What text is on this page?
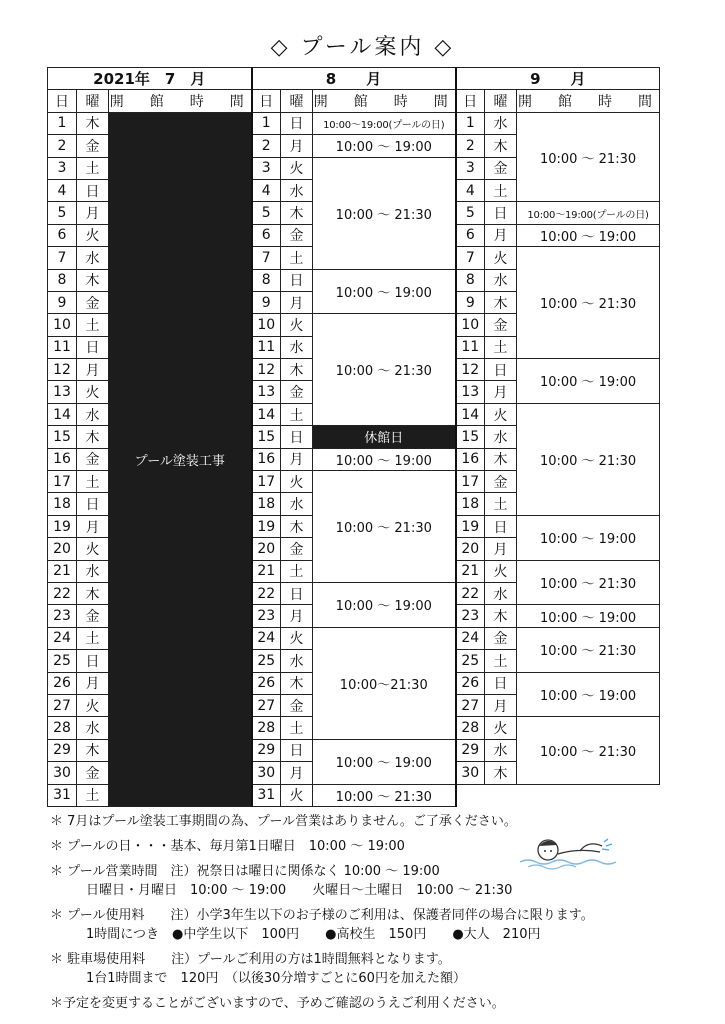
◇ プール案内 ◇
2021年　7　月			8　　月			9　　月		
日	曜	開　館　時　間	日	曜	開　館　時　間	日	曜	開　館　時　間
1	木	プール塗装工事	1	日	10:00～19:00(プールの日)	1	水	10:00 ～ 21:30
2	金		2	月	10:00 ～ 19:00	2	木	
3	土		3	火	10:00 ～ 21:30	3	金	
4	日		4	水		4	土	
5	月		5	木		5	日	10:00～19:00(プールの日)
6	火		6	金		6	月	10:00 ～ 19:00
7	水		7	土		7	火	10:00 ～ 21:30
8	木		8	日	10:00 ～ 19:00	8	水	
9	金		9	月		9	木	
10	土		10	火	10:00 ～ 21:30	10	金	
11	日		11	水		11	土	
12	月		12	木		12	日	10:00 ～ 19:00
13	火		13	金		13	月	
14	水		14	土		14	火	10:00 ～ 21:30
15	木		15	日	休館日	15	水	
16	金		16	月	10:00 ～ 19:00	16	木	
17	土		17	火	10:00 ～ 21:30	17	金	
18	日		18	水		18	土	
19	月		19	木		19	日	10:00 ～ 19:00
20	火		20	金		20	月	
21	水		21	土		21	火	10:00 ～ 21:30
22	木		22	日	10:00 ～ 19:00	22	水	
23	金		23	月		23	木	10:00 ～ 19:00
24	土		24	火	10:00～21:30	24	金	10:00 ～ 21:30
25	日		25	水		25	土	
26	月		26	木		26	日	10:00 ～ 19:00
27	火		27	金		27	月	
28	水		28	土		28	火	10:00 ～ 21:30
29	木		29	日	10:00 ～ 19:00	29	水	
30	金		30	月		30	木	
31	土		31	火	10:00 ～ 21:30			
＊ 7月はプール塗装工事期間の為、プール営業はありません。ご了承ください。
＊ プールの日・・・基本、毎月第1日曜日　10:00 ～ 19:00
＊ プール営業時間　注）祝祭日は曜日に関係なく 10:00 ～ 19:00
日曜日・月曜日　10:00 ～ 19:00　　火曜日～土曜日　10:00 ～ 21:30
＊ プール使用料　　注）小学3年生以下のお子様のご利用は、保護者同伴の場合に限ります。
1時間につき　●中学生以下　100円　　●高校生　150円　　●大人　210円
＊ 駐車場使用料　　注）プールご利用の方は1時間無料となります。
1台1時間まで　120円　（以後30分増すごとに60円を加えた額）
＊予定を変更することがございますので、予めご確認のうえご利用ください。
